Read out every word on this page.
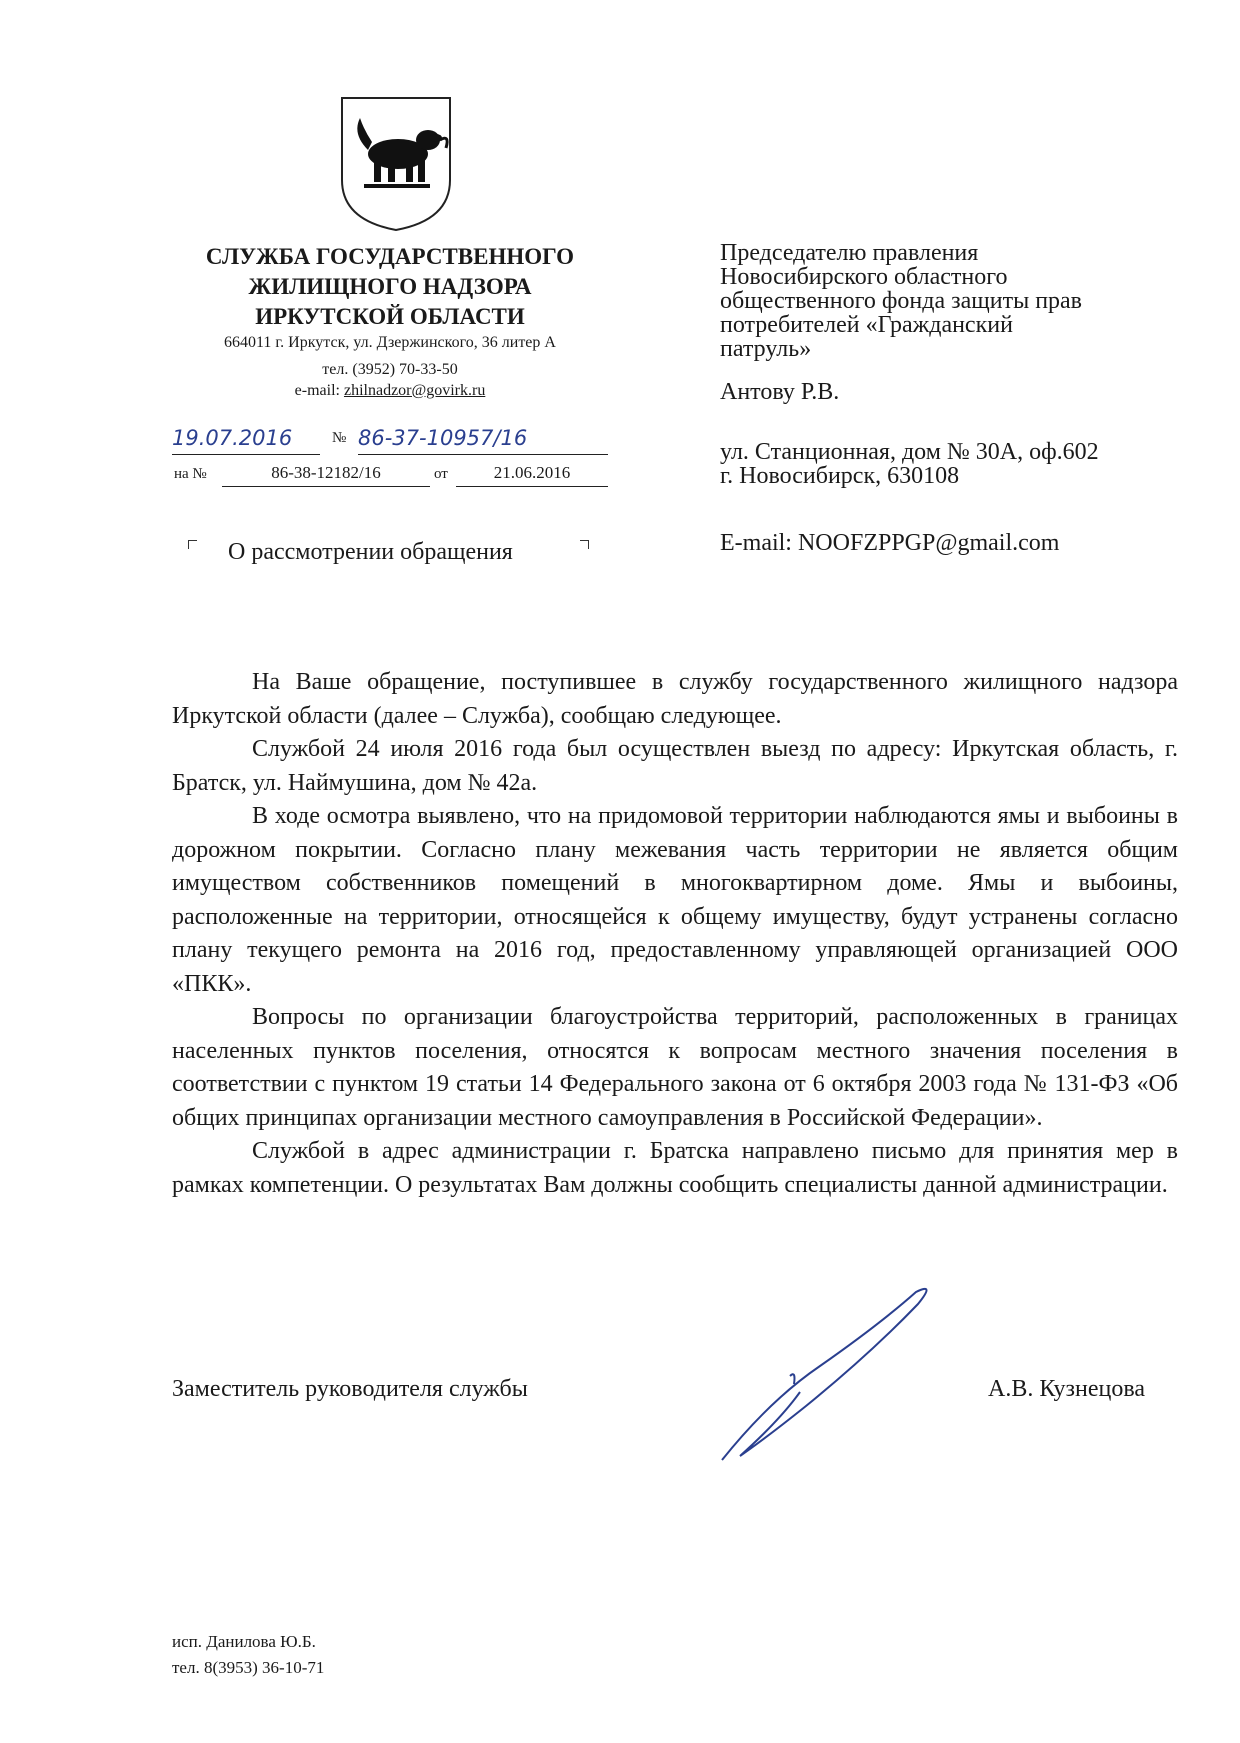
СЛУЖБА ГОСУДАРСТВЕННОГО
ЖИЛИЩНОГО НАДЗОРА
ИРКУТСКОЙ ОБЛАСТИ
664011 г. Иркутск, ул. Дзержинского, 36 литер А
тел. (3952) 70-33-50
e-mail: zhilnadzor@govirk.ru
19.07.2016	№ 86-37-10957/16
на №	86-38-12182/16	от	21.06.2016
О рассмотрении обращения
Председателю правления
Новосибирского областного
общественного фонда защиты прав
потребителей «Гражданский
патруль»
Антову Р.В.
ул. Станционная, дом № 30А, оф.602
г. Новосибирск, 630108
E-mail: NOOFZPPGP@gmail.com

На Ваше обращение, поступившее в службу государственного жилищного надзора Иркутской области (далее – Служба), сообщаю следующее.

Службой 24 июля 2016 года был осуществлен выезд по адресу: Иркутская область, г. Братск, ул. Наймушина, дом № 42а.

В ходе осмотра выявлено, что на придомовой территории наблюдаются ямы и выбоины в дорожном покрытии. Согласно плану межевания часть территории не является общим имуществом собственников помещений в многоквартирном доме. Ямы и выбоины, расположенные на территории, относящейся к общему имуществу, будут устранены согласно плану текущего ремонта на 2016 год, предоставленному управляющей организацией ООО «ПКК».

Вопросы по организации благоустройства территорий, расположенных в границах населенных пунктов поселения, относятся к вопросам местного значения поселения в соответствии с пунктом 19 статьи 14 Федерального закона от 6 октября 2003 года № 131-ФЗ «Об общих принципах организации местного самоуправления в Российской Федерации».

Службой в адрес администрации г. Братска направлено письмо для принятия мер в рамках компетенции. О результатах Вам должны сообщить специалисты данной администрации.

Заместитель руководителя службы	А.В. Кузнецова
исп. Данилова Ю.Б.
тел. 8(3953) 36-10-71
